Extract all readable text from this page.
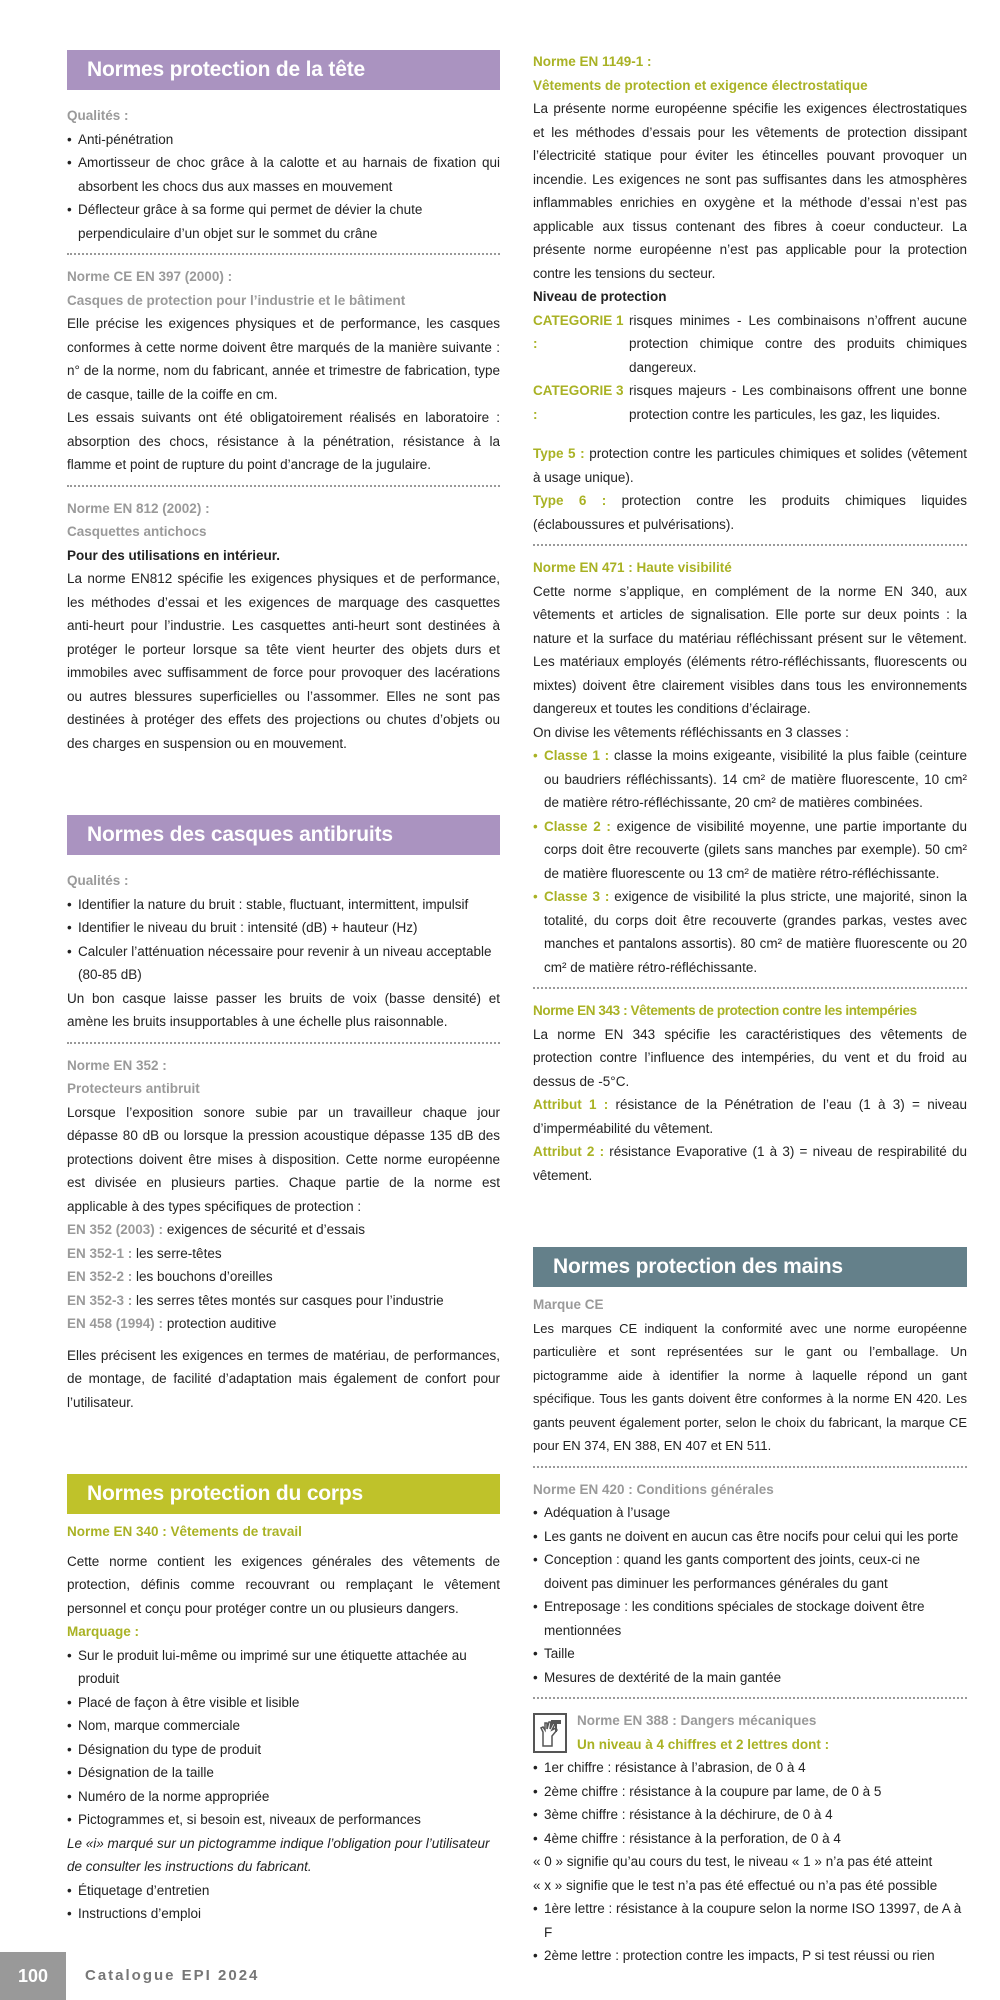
Normes protection de la tête
Qualités :
• Anti-pénétration
• Amortisseur de choc grâce à la calotte et au harnais de fixation qui absorbent les chocs dus aux masses en mouvement
• Déflecteur grâce à sa forme qui permet de dévier la chute perpendiculaire d’un objet sur le sommet du crâne
Norme CE EN 397 (2000) :
Casques de protection pour l’industrie et le bâtiment

Elle précise les exigences physiques et de performance, les casques conformes à cette norme doivent être marqués de la manière suivante : n° de la norme, nom du fabricant, année et trimestre de fabrication, type de casque, taille de la coiffe en cm.

Les essais suivants ont été obligatoirement réalisés en laboratoire : absorption des chocs, résistance à la pénétration, résistance à la flamme et point de rupture du point d’ancrage de la jugulaire.

Norme EN 812 (2002) :
Casquettes antichocs
Pour des utilisations en intérieur.

La norme EN812 spécifie les exigences physiques et de performance, les méthodes d’essai et les exigences de marquage des casquettes anti-heurt pour l’industrie. Les casquettes anti-heurt sont destinées à protéger le porteur lorsque sa tête vient heurter des objets durs et immobiles avec suffisamment de force pour provoquer des lacérations ou autres blessures superficielles ou l’assommer. Elles ne sont pas destinées à protéger des effets des projections ou chutes d’objets ou des charges en suspension ou en mouvement.

Normes des casques antibruits
Qualités :
• Identifier la nature du bruit : stable, fluctuant, intermittent, impulsif
• Identifier le niveau du bruit : intensité (dB) + hauteur (Hz)
• Calculer l’atténuation nécessaire pour revenir à un niveau acceptable (80-85 dB)

Un bon casque laisse passer les bruits de voix (basse densité) et amène les bruits insupportables à une échelle plus raisonnable.

Norme EN 352 :
Protecteurs antibruit

Lorsque l’exposition sonore subie par un travailleur chaque jour dépasse 80 dB ou lorsque la pression acoustique dépasse 135 dB des protections doivent être mises à disposition. Cette norme européenne est divisée en plusieurs parties. Chaque partie de la norme est applicable à des types spécifiques de protection :

EN 352 (2003) : exigences de sécurité et d’essais
EN 352-1 : les serre-têtes
EN 352-2 : les bouchons d’oreilles
EN 352-3 : les serres têtes montés sur casques pour l’industrie
EN 458 (1994) : protection auditive

Elles précisent les exigences en termes de matériau, de performances, de montage, de facilité d’adaptation mais également de confort pour l’utilisateur.

Normes protection du corps
Norme EN 340 : Vêtements de travail

Cette norme contient les exigences générales des vêtements de protection, définis comme recouvrant ou remplaçant le vêtement personnel et conçu pour protéger contre un ou plusieurs dangers.

Marquage :
• Sur le produit lui-même ou imprimé sur une étiquette attachée au produit
• Placé de façon à être visible et lisible
• Nom, marque commerciale
• Désignation du type de produit
• Désignation de la taille
• Numéro de la norme appropriée
• Pictogrammes et, si besoin est, niveaux de performances

Le «i» marqué sur un pictogramme indique l’obligation pour l’utilisateur de consulter les instructions du fabricant.

• Étiquetage d’entretien
• Instructions d’emploi
Norme EN 1149-1 :
Vêtements de protection et exigence électrostatique

La présente norme européenne spécifie les exigences électrostatiques et les méthodes d’essais pour les vêtements de protection dissipant l’électricité statique pour éviter les étincelles pouvant provoquer un incendie. Les exigences ne sont pas suffisantes dans les atmosphères inflammables enrichies en oxygène et la méthode d’essai n’est pas applicable aux tissus contenant des fibres à coeur conducteur. La présente norme européenne n’est pas applicable pour la protection contre les tensions du secteur.

Niveau de protection
CATEGORIE 1 :
risques minimes - Les combinaisons n’offrent aucune protection chimique contre des produits chimiques dangereux.
CATEGORIE 3 :
risques majeurs - Les combinaisons offrent une bonne protection contre les particules, les gaz, les liquides.

Type 5 : protection contre les particules chimiques et solides (vêtement à usage unique).

Type 6 : protection contre les produits chimiques liquides (éclaboussures et pulvérisations).

Norme EN 471 : Haute visibilité

Cette norme s’applique, en complément de la norme EN 340, aux vêtements et articles de signalisation. Elle porte sur deux points : la nature et la surface du matériau réfléchissant présent sur le vêtement. Les matériaux employés (éléments rétro-réfléchissants, fluorescents ou mixtes) doivent être clairement visibles dans tous les environnements dangereux et toutes les conditions d’éclairage.

On divise les vêtements réfléchissants en 3 classes :

• Classe 1 : classe la moins exigeante, visibilité la plus faible (ceinture ou baudriers réfléchissants). 14 cm² de matière fluorescente, 10 cm² de matière rétro-réfléchissante, 20 cm² de matières combinées.
• Classe 2 : exigence de visibilité moyenne, une partie importante du corps doit être recouverte (gilets sans manches par exemple). 50 cm² de matière fluorescente ou 13 cm² de matière rétro-réfléchissante.
• Classe 3 : exigence de visibilité la plus stricte, une majorité, sinon la totalité, du corps doit être recouverte (grandes parkas, vestes avec manches et pantalons assortis). 80 cm² de matière fluorescente ou 20 cm² de matière rétro-réfléchissante.
Norme EN 343 : Vêtements de protection contre les intempéries

La norme EN 343 spécifie les caractéristiques des vêtements de protection contre l’influence des intempéries, du vent et du froid au dessus de -5°C.

Attribut 1 : résistance de la Pénétration de l’eau (1 à 3) = niveau d’imperméabilité du vêtement.

Attribut 2 : résistance Evaporative (1 à 3) = niveau de respirabilité du vêtement.

Normes protection des mains
Marque CE

Les marques CE indiquent la conformité avec une norme européenne particulière et sont représentées sur le gant ou l’emballage. Un pictogramme aide à identifier la norme à laquelle répond un gant spécifique. Tous les gants doivent être conformes à la norme EN 420. Les gants peuvent également porter, selon le choix du fabricant, la marque CE pour EN 374, EN 388, EN 407 et EN 511.

Norme EN 420 : Conditions générales
• Adéquation à l’usage
• Les gants ne doivent en aucun cas être nocifs pour celui qui les porte
• Conception : quand les gants comportent des joints, ceux-ci ne doivent pas diminuer les performances générales du gant
• Entreposage : les conditions spéciales de stockage doivent être mentionnées
• Taille
• Mesures de dextérité de la main gantée
Norme EN 388 : Dangers mécaniques
Un niveau à 4 chiffres et 2 lettres dont :
• 1er chiffre : résistance à l’abrasion, de 0 à 4
• 2ème chiffre : résistance à la coupure par lame, de 0 à 5
• 3ème chiffre : résistance à la déchirure, de 0 à 4
• 4ème chiffre : résistance à la perforation, de 0 à 4

« 0 » signifie qu’au cours du test, le niveau « 1 » n’a pas été atteint

« x » signifie que le test n’a pas été effectué ou n’a pas été possible

• 1ère lettre : résistance à la coupure selon la norme ISO 13997, de A à F
• 2ème lettre : protection contre les impacts, P si test réussi ou rien
100	Catalogue EPI 2024
